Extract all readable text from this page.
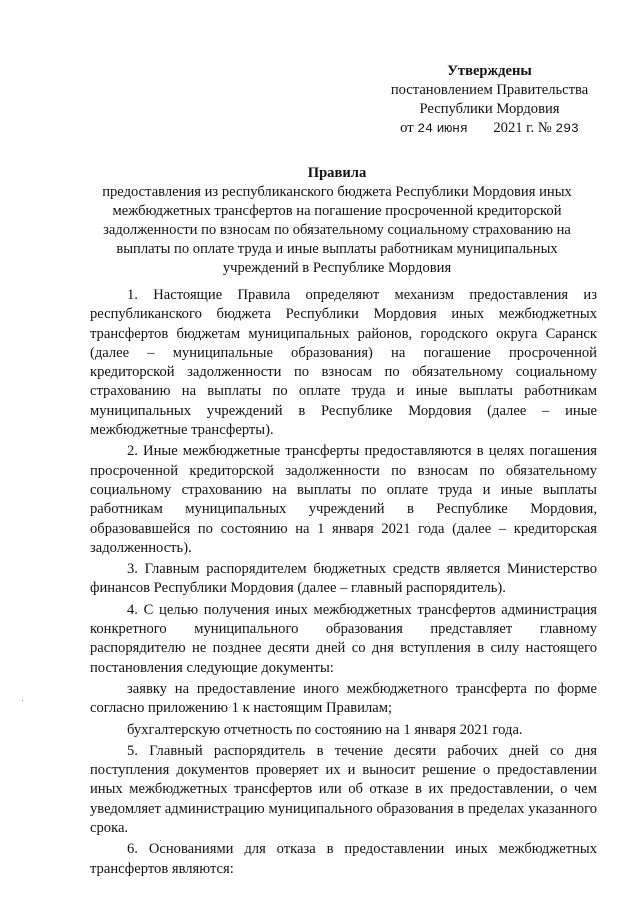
Утверждены
постановлением Правительства
Республики Мордовия
от 24 июня 2021 г. № 293
Правила
предоставления из республиканского бюджета Республики Мордовия иных межбюджетных трансфертов на погашение просроченной кредиторской задолженности по взносам по обязательному социальному страхованию на выплаты по оплате труда и иные выплаты работникам муниципальных учреждений в Республике Мордовия

1. Настоящие Правила определяют механизм предоставления из республиканского бюджета Республики Мордовия иных межбюджетных трансфертов бюджетам муниципальных районов, городского округа Саранск (далее – муниципальные образования) на погашение просроченной кредиторской задолженности по взносам по обязательному социальному страхованию на выплаты по оплате труда и иные выплаты работникам муниципальных учреждений в Республике Мордовия (далее – иные межбюджетные трансферты).

2. Иные межбюджетные трансферты предоставляются в целях погашения просроченной кредиторской задолженности по взносам по обязательному социальному страхованию на выплаты по оплате труда и иные выплаты работникам муниципальных учреждений в Республике Мордовия, образовавшейся по состоянию на 1 января 2021 года (далее – кредиторская задолженность).

3. Главным распорядителем бюджетных средств является Министерство финансов Республики Мордовия (далее – главный распорядитель).

4. С целью получения иных межбюджетных трансфертов администрация конкретного муниципального образования представляет главному распорядителю не позднее десяти дней со дня вступления в силу настоящего постановления следующие документы:

заявку на предоставление иного межбюджетного трансферта по форме согласно приложению 1 к настоящим Правилам;

бухгалтерскую отчетность по состоянию на 1 января 2021 года.

5. Главный распорядитель в течение десяти рабочих дней со дня поступления документов проверяет их и выносит решение о предоставлении иных межбюджетных трансфертов или об отказе в их предоставлении, о чем уведомляет администрацию муниципального образования в пределах указанного срока.

6. Основаниями для отказа в предоставлении иных межбюджетных трансфертов являются:
